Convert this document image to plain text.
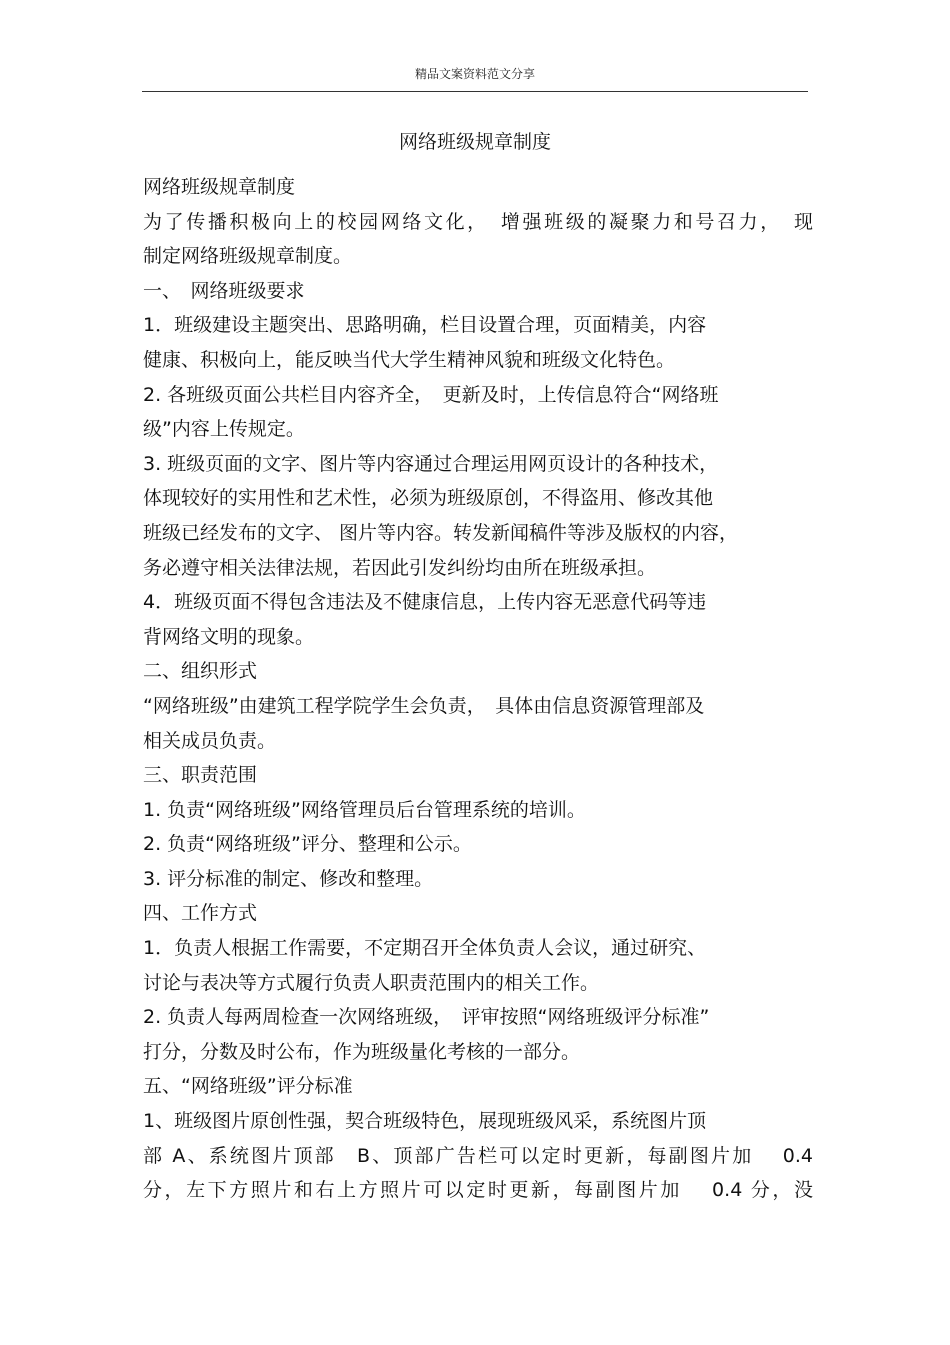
精品文案资料范文分享
网络班级规章制度
网络班级规章制度
为了传播积极向上的校园网络文化，　增强班级的凝聚力和号召力，　现
制定网络班级规章制度。
一、　网络班级要求
1．班级建设主题突出、思路明确，栏目设置合理，页面精美，内容
健康、积极向上，能反映当代大学生精神风貌和班级文化特色。
2. 各班级页面公共栏目内容齐全，　更新及时，上传信息符合“网络班
级”内容上传规定。
3. 班级页面的文字、图片等内容通过合理运用网页设计的各种技术，
体现较好的实用性和艺术性，必须为班级原创，不得盗用、修改其他
班级已经发布的文字、 图片等内容。转发新闻稿件等涉及版权的内容，
务必遵守相关法律法规，若因此引发纠纷均由所在班级承担。
4．班级页面不得包含违法及不健康信息，上传内容无恶意代码等违
背网络文明的现象。
二、组织形式
“网络班级”由建筑工程学院学生会负责，　具体由信息资源管理部及
相关成员负责。
三、职责范围
1. 负责“网络班级”网络管理员后台管理系统的培训。
2. 负责“网络班级”评分、整理和公示。
3. 评分标准的制定、修改和整理。
四、工作方式
1．负责人根据工作需要，不定期召开全体负责人会议，通过研究、
讨论与表决等方式履行负责人职责范围内的相关工作。
2. 负责人每两周检查一次网络班级，　评审按照“网络班级评分标准”
打分，分数及时公布，作为班级量化考核的一部分。
五、“网络班级”评分标准
1、班级图片原创性强，契合班级特色，展现班级风采，系统图片顶
部 A、系统图片顶部　B、顶部广告栏可以定时更新，每副图片加　 0.4
分，左下方照片和右上方照片可以定时更新，每副图片加　 0.4 分，没
